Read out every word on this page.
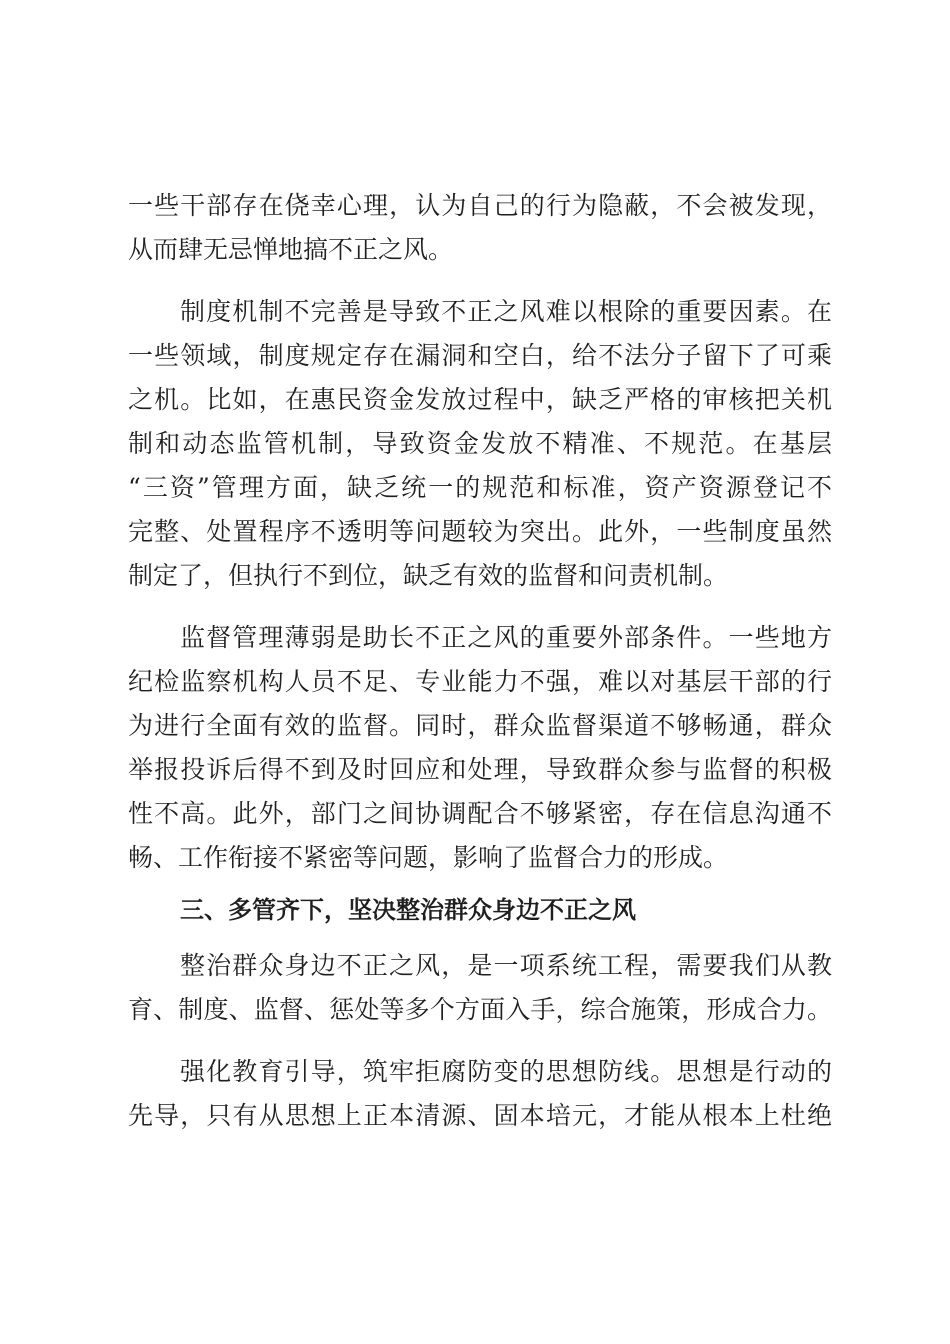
一些干部存在侥幸心理，认为自己的行为隐蔽，不会被发现，
从而肆无忌惮地搞不正之风。
制度机制不完善是导致不正之风难以根除的重要因素。在
一些领域，制度规定存在漏洞和空白，给不法分子留下了可乘
之机。比如，在惠民资金发放过程中，缺乏严格的审核把关机
制和动态监管机制，导致资金发放不精准、不规范。在基层
“三资”管理方面，缺乏统一的规范和标准，资产资源登记不
完整、处置程序不透明等问题较为突出。此外，一些制度虽然
制定了，但执行不到位，缺乏有效的监督和问责机制。
监督管理薄弱是助长不正之风的重要外部条件。一些地方
纪检监察机构人员不足、专业能力不强，难以对基层干部的行
为进行全面有效的监督。同时，群众监督渠道不够畅通，群众
举报投诉后得不到及时回应和处理，导致群众参与监督的积极
性不高。此外，部门之间协调配合不够紧密，存在信息沟通不
畅、工作衔接不紧密等问题，影响了监督合力的形成。
三、多管齐下，坚决整治群众身边不正之风
整治群众身边不正之风，是一项系统工程，需要我们从教
育、制度、监督、惩处等多个方面入手，综合施策，形成合力。
强化教育引导，筑牢拒腐防变的思想防线。思想是行动的
先导，只有从思想上正本清源、固本培元，才能从根本上杜绝
